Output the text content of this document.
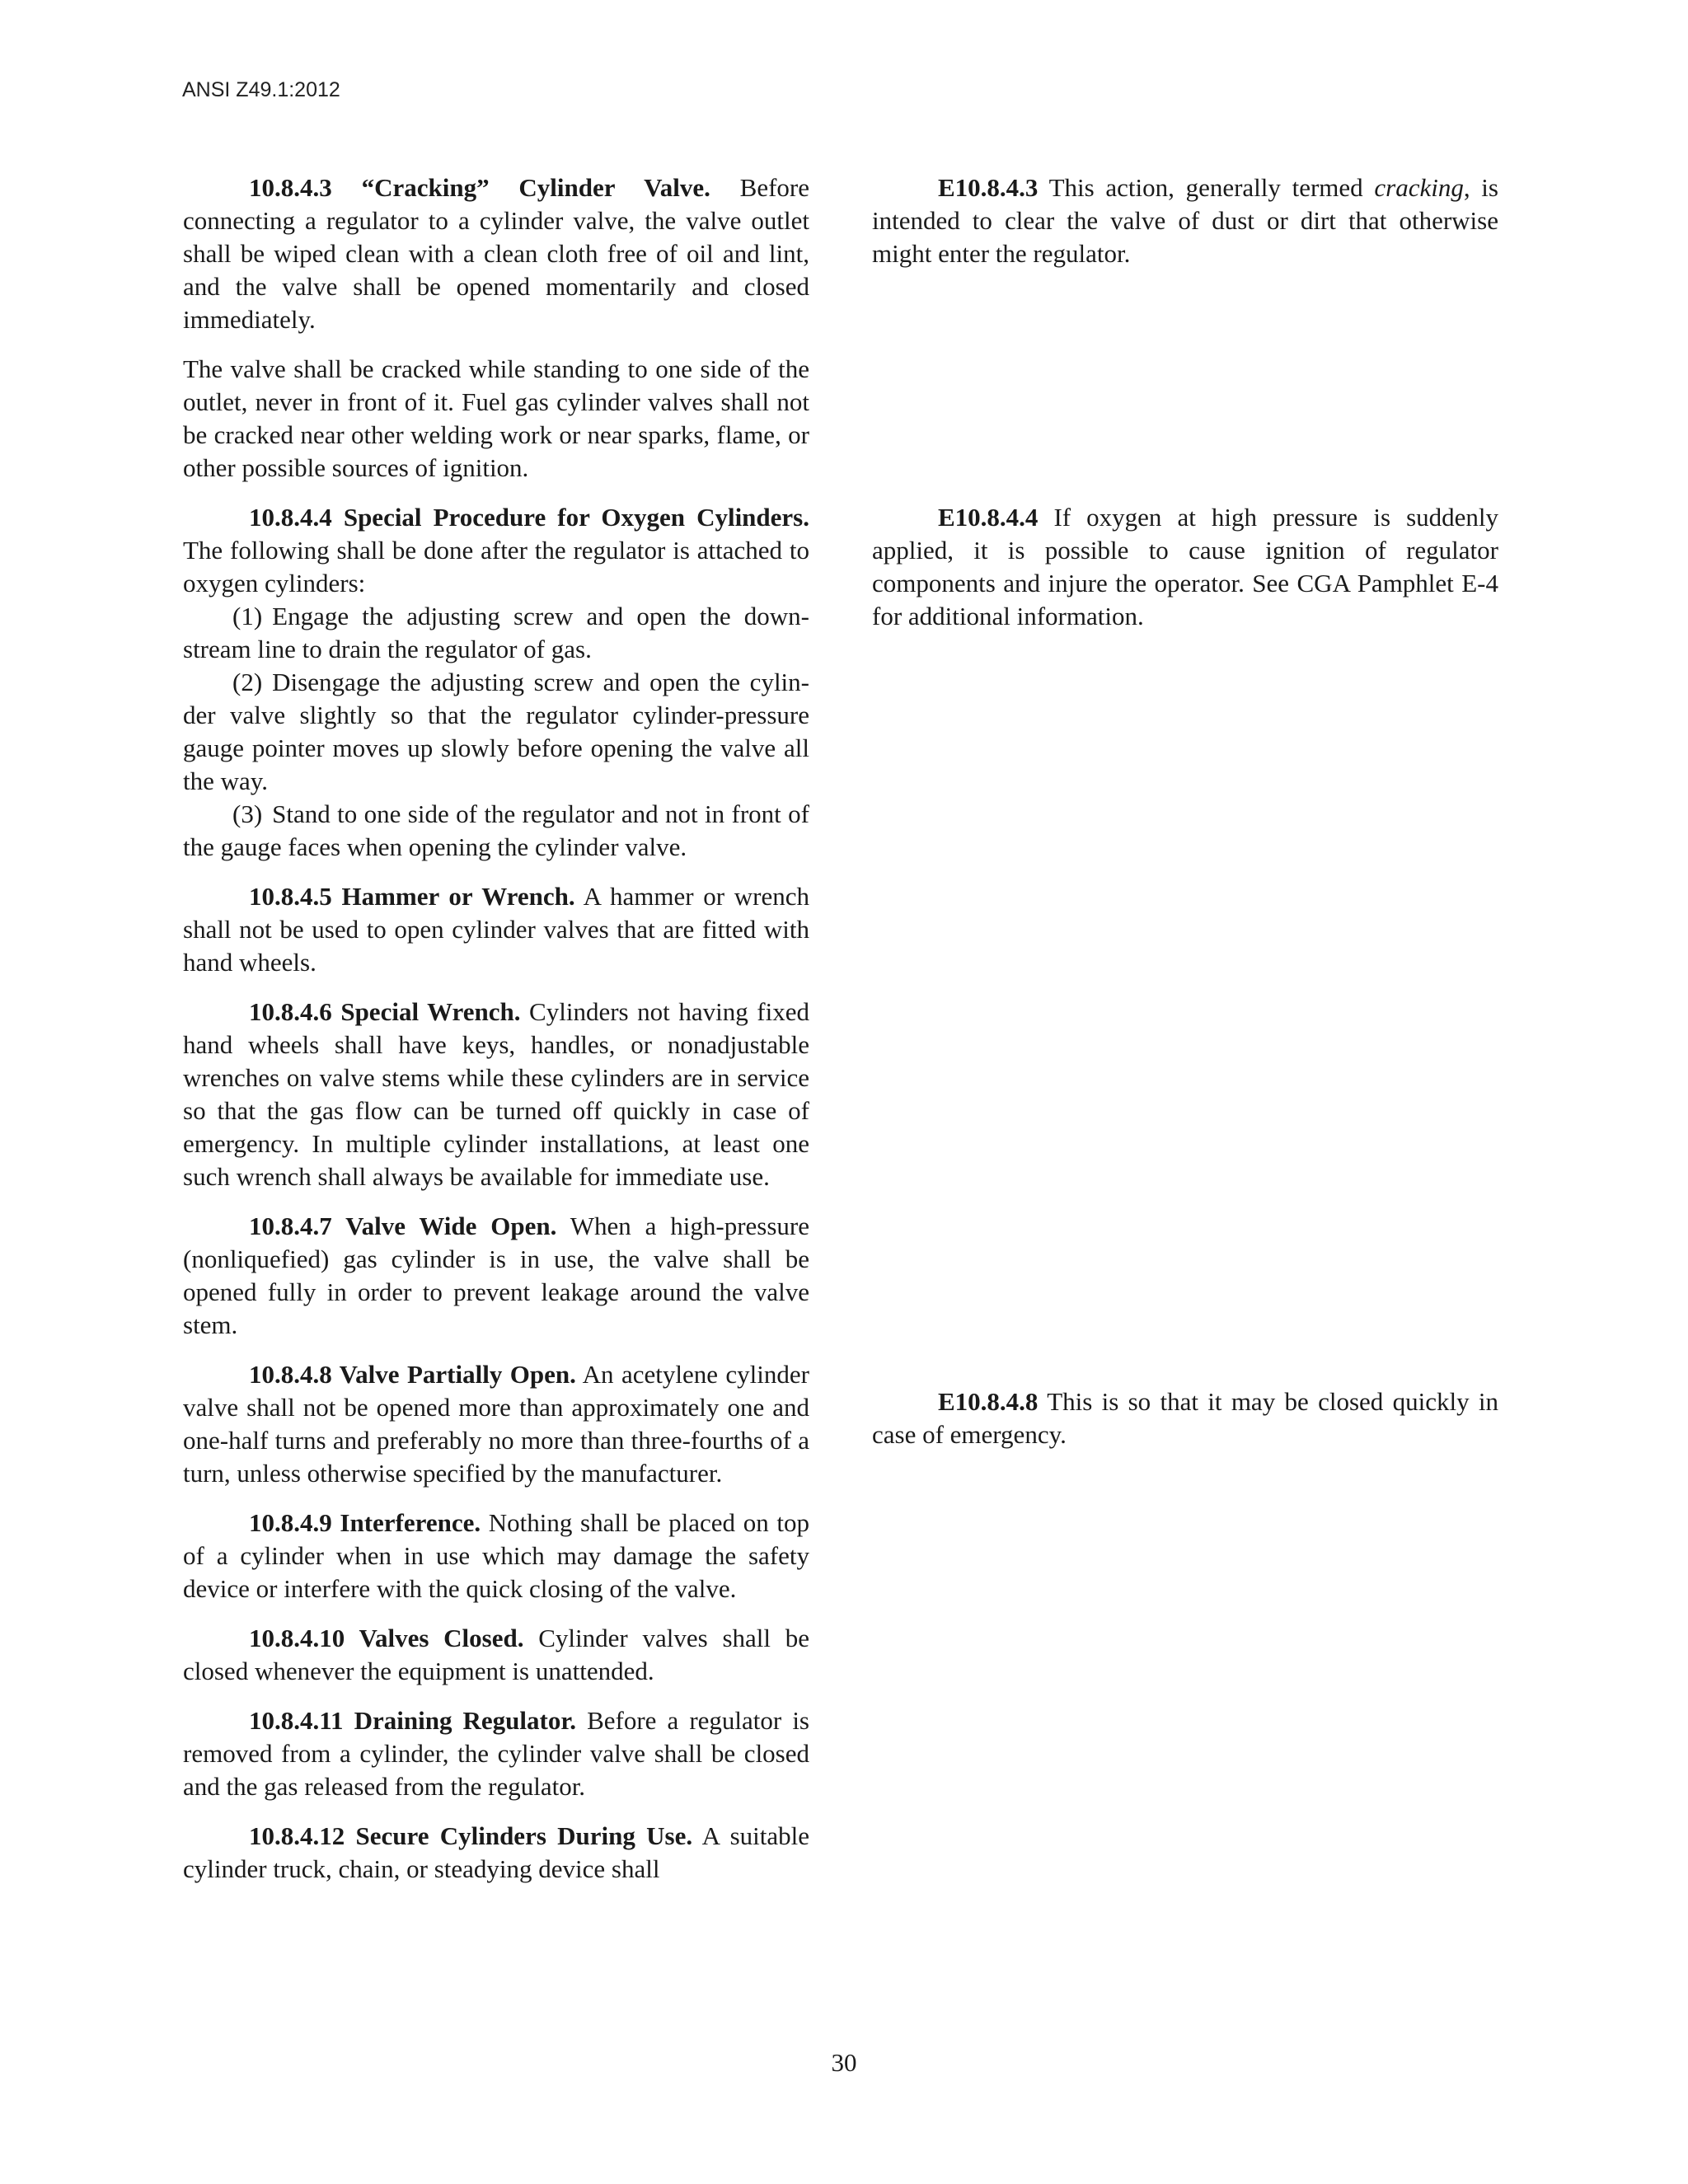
ANSI Z49.1:2012

10.8.4.3 “Cracking” Cylinder Valve. Before connecting a regulator to a cylinder valve, the valve outlet shall be wiped clean with a clean cloth free of oil and lint, and the valve shall be opened momentarily and closed immediately.

The valve shall be cracked while standing to one side of the outlet, never in front of it. Fuel gas cylinder valves shall not be cracked near other welding work or near sparks, flame, or other possible sources of ignition.

10.8.4.4 Special Procedure for Oxygen Cylinders. The following shall be done after the regulator is attached to oxygen cylinders:

(1) Engage the adjusting screw and open the down-stream line to drain the regulator of gas.

(2) Disengage the adjusting screw and open the cylin-der valve slightly so that the regulator cylinder-pressure gauge pointer moves up slowly before opening the valve all the way.

(3) Stand to one side of the regulator and not in front of the gauge faces when opening the cylinder valve.

10.8.4.5 Hammer or Wrench. A hammer or wrench shall not be used to open cylinder valves that are fitted with hand wheels.

10.8.4.6 Special Wrench. Cylinders not having fixed hand wheels shall have keys, handles, or nonadjustable wrenches on valve stems while these cylinders are in service so that the gas flow can be turned off quickly in case of emergency. In multiple cylinder installations, at least one such wrench shall always be available for immediate use.

10.8.4.7 Valve Wide Open. When a high-pressure (nonliquefied) gas cylinder is in use, the valve shall be opened fully in order to prevent leakage around the valve stem.

10.8.4.8 Valve Partially Open. An acetylene cylinder valve shall not be opened more than approximately one and one-half turns and preferably no more than three-fourths of a turn, unless otherwise specified by the manufacturer.

10.8.4.9 Interference. Nothing shall be placed on top of a cylinder when in use which may damage the safety device or interfere with the quick closing of the valve.

10.8.4.10 Valves Closed. Cylinder valves shall be closed whenever the equipment is unattended.

10.8.4.11 Draining Regulator. Before a regulator is removed from a cylinder, the cylinder valve shall be closed and the gas released from the regulator.

10.8.4.12 Secure Cylinders During Use. A suitable cylinder truck, chain, or steadying device shall

E10.8.4.3 This action, generally termed cracking, is intended to clear the valve of dust or dirt that otherwise might enter the regulator.

E10.8.4.4 If oxygen at high pressure is suddenly applied, it is possible to cause ignition of regulator components and injure the operator. See CGA Pamphlet E-4 for additional information.

E10.8.4.8 This is so that it may be closed quickly in case of emergency.

30
